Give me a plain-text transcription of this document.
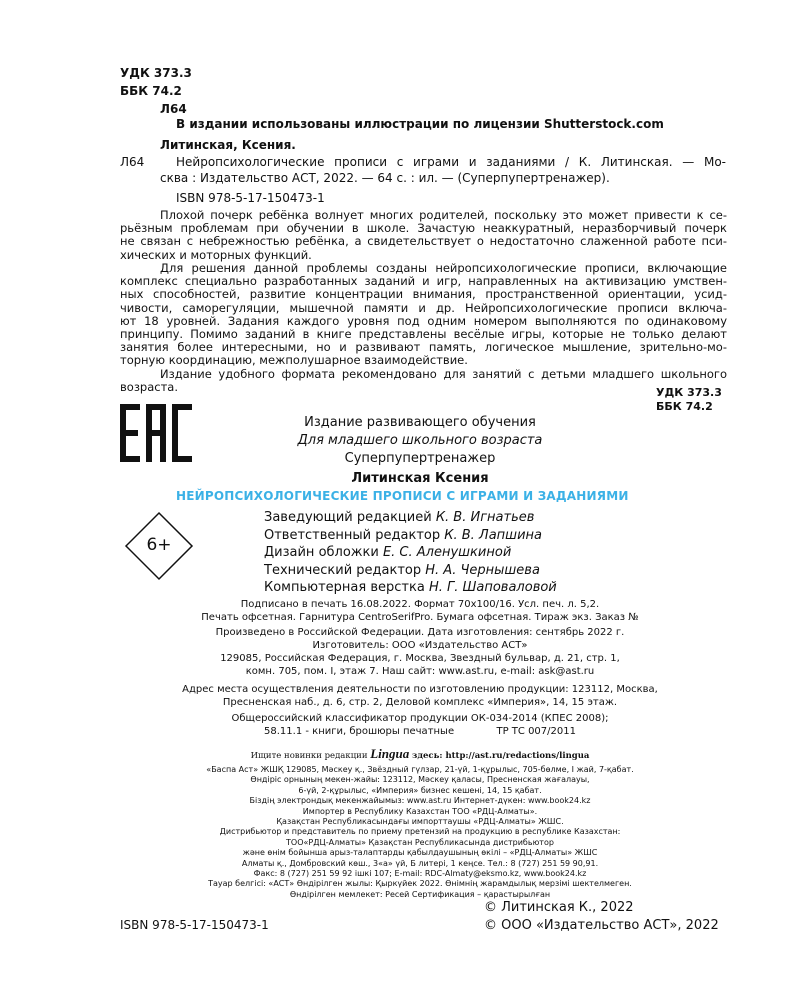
УДК 373.3
ББК 74.2
Л64
В издании использованы иллюстрации по лицензии Shutterstock.com
Литинская, Ксения.
Л64	Нейропсихологические прописи с играми и заданиями / К. Литинская. — Мо-
сква : Издательство АСТ, 2022. — 64 с. : ил. — (Суперпупертренажер).
ISBN 978-5-17-150473-1
Плохой почерк ребёнка волнует многих родителей, поскольку это может привести к се-
рьёзным проблемам при обучении в школе. Зачастую неаккуратный, неразборчивый почерк
не связан с небрежностью ребёнка, а свидетельствует о недостаточно слаженной работе пси-
хических и моторных функций.
Для решения данной проблемы созданы нейропсихологические прописи, включающие
комплекс специально разработанных заданий и игр, направленных на активизацию умствен-
ных способностей, развитие концентрации внимания, пространственной ориентации, усид-
чивости, саморегуляции, мышечной памяти и др. Нейропсихологические прописи включа-
ют 18 уровней. Задания каждого уровня под одним номером выполняются по одинаковому
принципу. Помимо заданий в книге представлены весёлые игры, которые не только делают
занятия более интересными, но и развивают память, логическое мышление, зрительно-мо-
торную координацию, межполушарное взаимодействие.
Издание удобного формата рекомендовано для занятий с детьми младшего школьного
возраста.	УДК 373.3
ББК 74.2
Издание развивающего обучения
Для младшего школьного возраста
Суперпупертренажер
Литинская Ксения
НЕЙРОПСИХОЛОГИЧЕСКИЕ ПРОПИСИ С ИГРАМИ И ЗАДАНИЯМИ
6+
Заведующий редакцией К. В. Игнатьев
Ответственный редактор К. В. Лапшина
Дизайн обложки Е. С. Аленушкиной
Технический редактор Н. А. Чернышева
Компьютерная верстка Н. Г. Шаповаловой
Подписано в печать 16.08.2022. Формат 70x100/16. Усл. печ. л. 5,2.
Печать офсетная. Гарнитура CentroSerifPro. Бумага офсетная. Тираж экз. Заказ №
Произведено в Российской Федерации. Дата изготовления: сентябрь 2022 г.
Изготовитель: ООО «Издательство АСТ»
129085, Российская Федерация, г. Москва, Звездный бульвар, д. 21, стр. 1,
комн. 705, пом. I, этаж 7. Наш сайт: www.ast.ru, e-mail: ask@ast.ru
Адрес места осуществления деятельности по изготовлению продукции: 123112, Москва,
Пресненская наб., д. 6, стр. 2, Деловой комплекс «Империя», 14, 15 этаж.
Общероссийский классификатор продукции ОК-034-2014 (КПЕС 2008);
58.11.1 - книги, брошюры печатные	ТР ТС 007/2011
Ищите новинки редакции Lingua здесь: http://ast.ru/redactions/lingua
«Баспа Аст» ЖШҚ 129085, Мәскеу қ., Звёздный гүлзар, 21-үй, 1-құрылыс, 705-бөлме, I жай, 7-қабат.
Өндіріс орнының мекен-жайы: 123112, Мәскеу қаласы, Пресненская жағалауы,
6-үй, 2-құрылыс, «Империя» бизнес кешені, 14, 15 қабат.
Біздің электрондық мекенжайымыз: www.ast.ru Интернет-дүкен: www.book24.kz
Импортер в Республику Казахстан ТОО «РДЦ-Алматы».
Қазақстан Республикасындағы импорттаушы «РДЦ-Алматы» ЖШС.
Дистрибьютор и представитель по приему претензий на продукцию в республике Казахстан:
ТОО«РДЦ-Алматы» Қазақстан Республикасында дистрибьютор
және өнім бойынша арыз-талаптарды қабылдаушының өкілі – «РДЦ-Алматы» ЖШС
Алматы қ., Домбровский көш., 3«а» үй, Б литері, 1 кеңсе. Тел.: 8 (727) 251 59 90,91.
Факс: 8 (727) 251 59 92 ішкі 107; E-mail: RDC-Almaty@eksmo.kz, www.book24.kz
Тауар белгісі: «АСТ» Өндірілген жылы: Қыркүйек 2022. Өнімнің жарамдылық мерзімі шектелмеген.
Өндірілген мемлекет: Ресей Сертификация – қарастырылған
ISBN 978-5-17-150473-1
© Литинская К., 2022
© ООО «Издательство АСТ», 2022
